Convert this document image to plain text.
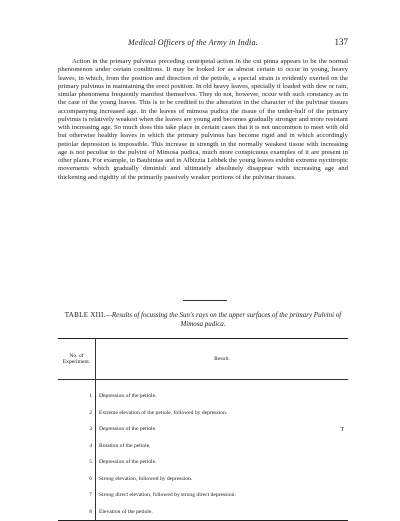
Medical Officers of the Army in India.	137

Action in the primary pulvinus preceding centripetal action in the cut pinna appears to be the normal phenomenon under certain conditions. It may be looked for as almost certain to occur in young, heavy leaves, in which, from the position and direction of the petiole, a special strain is evidently exerted on the primary pulvinus in maintaining the erect position. In old heavy leaves, specially if loaded with dew or rain, similar phenomena frequently manifest themselves. They do not, however, occur with such constancy as in the case of the young leaves. This is to be credited to the alteration in the character of the pulvinar tissues accompanying increased age. In the leaves of mimosa pudica the tissue of the under-half of the primary pulvinus is relatively weakest when the leaves are young and becomes gradually stronger and more resistant with increasing age. So much does this take place in certain cases that it is not uncommon to meet with old but otherwise healthy leaves in which the primary pulvinus has become rigid and in which accordingly petiolar depression is impossible. This increase in strength in the normally weakest tissue with increasing age is not peculiar to the pulvini of Mimosa pudica, much more conspicuous examples of it are present in other plants. For example, in Bauhinias and in Albizzia Lebbek the young leaves exhibit extreme nyctitropic movements which gradually diminish and ultimately absolutely disappear with increasing age and thickening and rigidity of the primarily passively weaker portions of the pulvinar tissues.

TABLE XIII.—Results of focussing the Sun's rays on the upper surfaces of the primary Pulvini of Mimosa pudica.

No. of Experiment.	Result.
1	Depression of the petiole.
2	Extreme elevation of the petiole, followed by depression.
3	Depression of the petiole.
4	Rotation of the petiole.
5	Depression of the petiole.
6	Strong elevation, followed by depression.
7	Strong direct elevation, followed by strong direct depression.
8	Elevation of the petiole.
T
